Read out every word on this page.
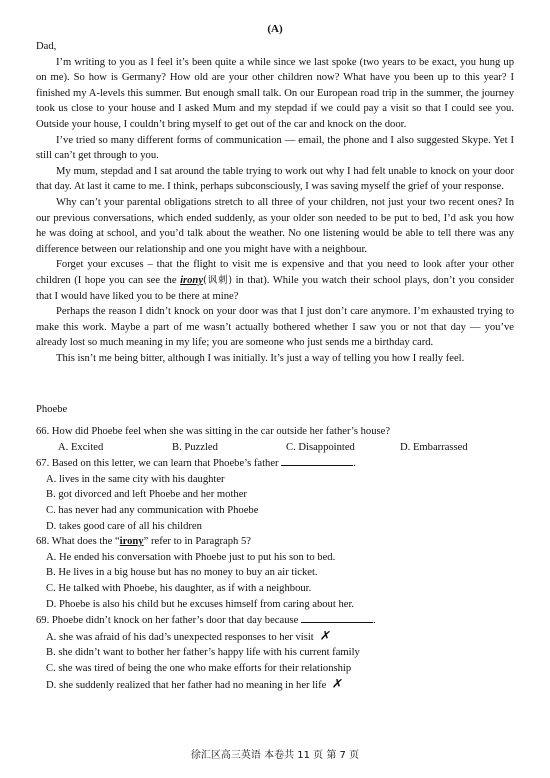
(A)

Dad,

I’m writing to you as I feel it’s been quite a while since we last spoke (two years to be exact, you hung up on me). So how is Germany? How old are your other children now? What have you been up to this year? I finished my A-levels this summer. But enough small talk. On our European road trip in the summer, the journey took us close to your house and I asked Mum and my stepdad if we could pay a visit so that I could see you. Outside your house, I couldn’t bring myself to get out of the car and knock on the door.

I’ve tried so many different forms of communication — email, the phone and I also suggested Skype. Yet I still can’t get through to you.

My mum, stepdad and I sat around the table trying to work out why I had felt unable to knock on your door that day. At last it came to me. I think, perhaps subconsciously, I was saving myself the grief of your response.

Why can’t your parental obligations stretch to all three of your children, not just your two recent ones? In our previous conversations, which ended suddenly, as your older son needed to be put to bed, I’d ask you how he was doing at school, and you’d talk about the weather. No one listening would be able to tell there was any difference between our relationship and one you might have with a neighbour.

Forget your excuses – that the flight to visit me is expensive and that you need to look after your other children (I hope you can see the irony(讽刺) in that). While you watch their school plays, don’t you consider that I would have liked you to be there at mine?

Perhaps the reason I didn’t knock on your door was that I just don’t care anymore. I’m exhausted trying to make this work. Maybe a part of me wasn’t actually bothered whether I saw you or not that day — you’ve already lost so much meaning in my life; you are someone who just sends me a birthday card.

This isn’t me being bitter, although I was initially. It’s just a way of telling you how I really feel.

Phoebe

66. How did Phoebe feel when she was sitting in the car outside her father’s house?

A. Excited	B. Puzzled	C. Disappointed	D. Embarrassed

67. Based on this letter, we can learn that Phoebe’s father	.

A. lives in the same city with his daughter

B. got divorced and left Phoebe and her mother

C. has never had any communication with Phoebe

D. takes good care of all his children

68. What does the “irony” refer to in Paragraph 5?

A. He ended his conversation with Phoebe just to put his son to bed.

B. He lives in a big house but has no money to buy an air ticket.

C. He talked with Phoebe, his daughter, as if with a neighbour.

D. Phoebe is also his child but he excuses himself from caring about her.

69. Phoebe didn’t knock on her father’s door that day because	.

A. she was afraid of his dad’s unexpected responses to her visit ✗

B. she didn’t want to bother her father’s happy life with his current family

C. she was tired of being the one who make efforts for their relationship

D. she suddenly realized that her father had no meaning in her life ✗

徐汇区高三英语 本卷共 11 页 第 7 页
